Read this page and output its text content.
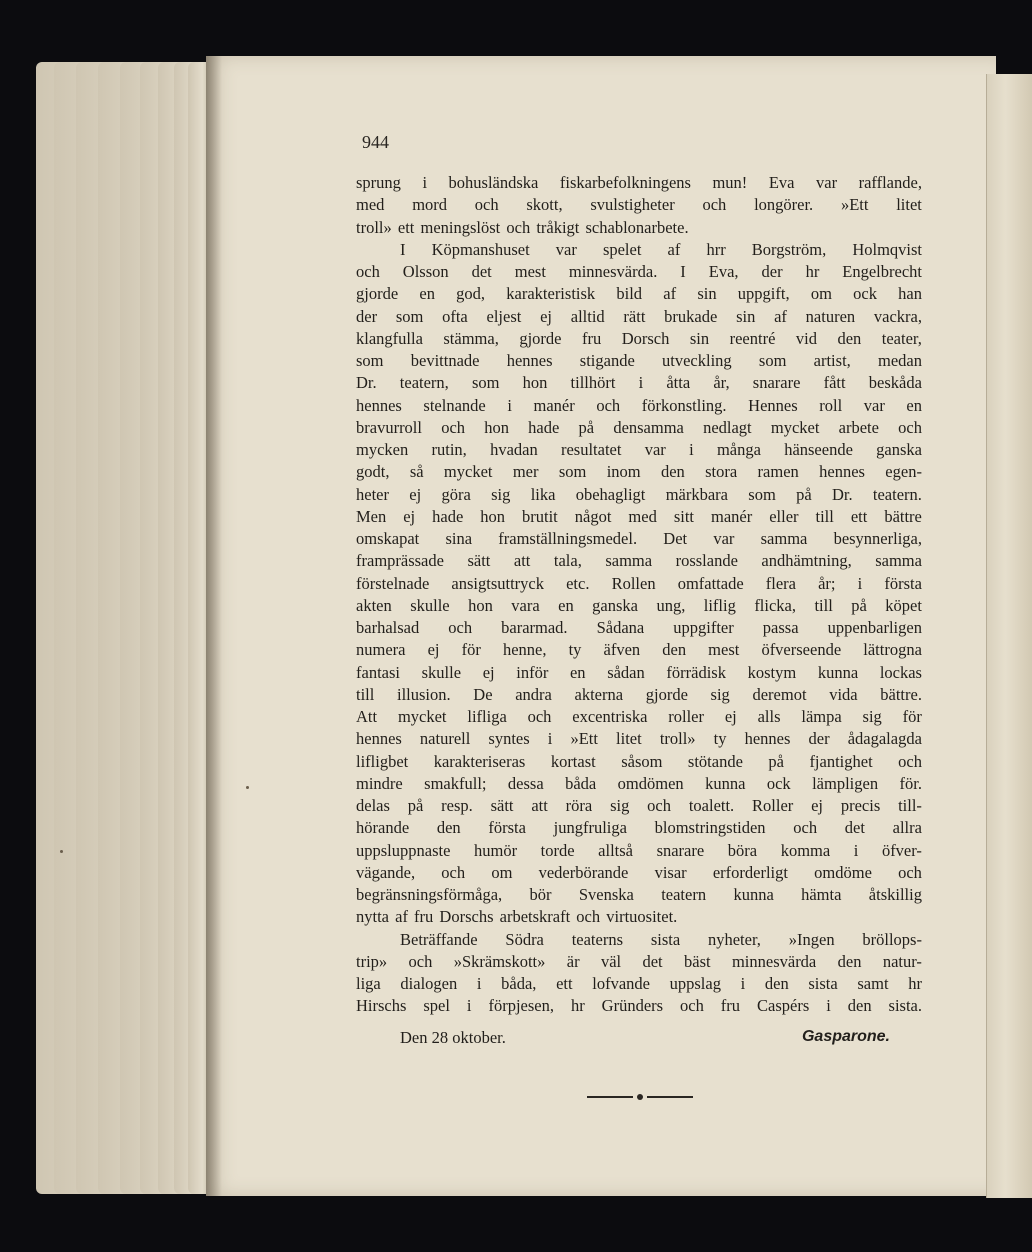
944
sprung i bohusländska fiskarbefolkningens mun! Eva var rafflande,
med mord och skott, svulstigheter och longörer. »Ett litet
troll» ett meningslöst och tråkigt schablonarbete.
I Köpmanshuset var spelet af hrr Borgström, Holmqvist
och Olsson det mest minnesvärda. I Eva, der hr Engelbrecht
gjorde en god, karakteristisk bild af sin uppgift, om ock han
der som ofta eljest ej alltid rätt brukade sin af naturen vackra,
klangfulla stämma, gjorde fru Dorsch sin reentré vid den teater,
som bevittnade hennes stigande utveckling som artist, medan
Dr. teatern, som hon tillhört i åtta år, snarare fått beskåda
hennes stelnande i manér och förkonstling. Hennes roll var en
bravurroll och hon hade på densamma nedlagt mycket arbete och
mycken rutin, hvadan resultatet var i många hänseende ganska
godt, så mycket mer som inom den stora ramen hennes egen-
heter ej göra sig lika obehagligt märkbara som på Dr. teatern.
Men ej hade hon brutit något med sitt manér eller till ett bättre
omskapat sina framställningsmedel. Det var samma besynnerliga,
framprässade sätt att tala, samma rosslande andhämtning, samma
förstelnade ansigtsuttryck etc. Rollen omfattade flera år; i första
akten skulle hon vara en ganska ung, liflig flicka, till på köpet
barhalsad och bararmad. Sådana uppgifter passa uppenbarligen
numera ej för henne, ty äfven den mest öfverseende lättrogna
fantasi skulle ej inför en sådan förrädisk kostym kunna lockas
till illusion. De andra akterna gjorde sig deremot vida bättre.
Att mycket lifliga och excentriska roller ej alls lämpa sig för
hennes naturell syntes i »Ett litet troll» ty hennes der ådagalagda
lifligbet karakteriseras kortast såsom stötande på fjantighet och
mindre smakfull; dessa båda omdömen kunna ock lämpligen för.
delas på resp. sätt att röra sig och toalett. Roller ej precis till-
hörande den första jungfruliga blomstringstiden och det allra
uppsluppnaste humör torde alltså snarare böra komma i öfver-
vägande, och om vederbörande visar erforderligt omdöme och
begränsningsförmåga, bör Svenska teatern kunna hämta åtskillig
nytta af fru Dorschs arbetskraft och virtuositet.
Beträffande Södra teaterns sista nyheter, »Ingen bröllops-
trip» och »Skrämskott» är väl det bäst minnesvärda den natur-
liga dialogen i båda, ett lofvande uppslag i den sista samt hr
Hirschs spel i förpjesen, hr Gründers och fru Caspérs i den sista.
Den 28 oktober.	Gasparone.
